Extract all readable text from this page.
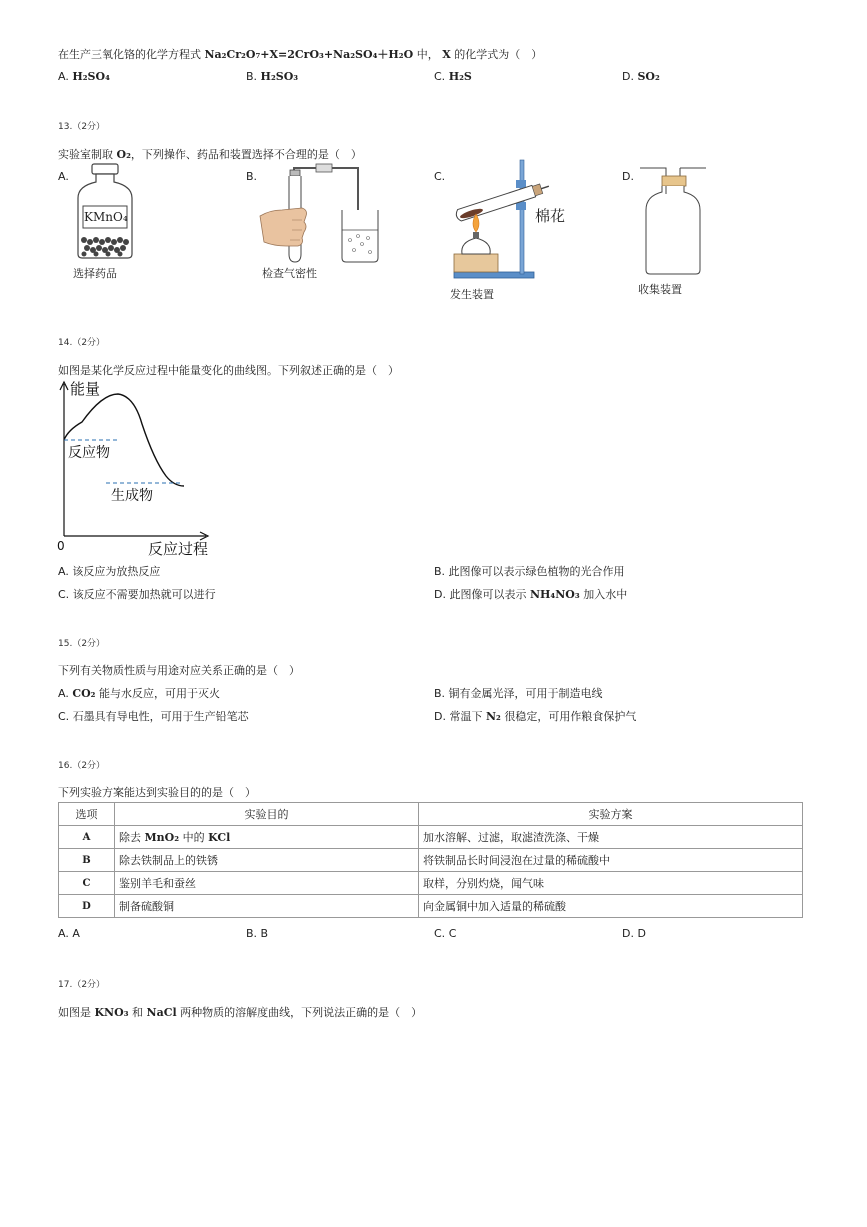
在生产三氧化铬的化学方程式 Na₂Cr₂O₇+X=2CrO₃+Na₂SO₄＋H₂O 中， X 的化学式为（　）
A. H₂SO₄	B. H₂SO₃	C. H₂S	D. SO₂
13.（2分）
实验室制取 O₂，下列操作、药品和装置选择不合理的是（　）
A.	B.	C.	D.
KMnO₄
选择药品	检查气密性
棉花
发生装置	收集装置
14.（2分）
如图是某化学反应过程中能量变化的曲线图。下列叙述正确的是（　）
能量
反应物
生成物
0	反应过程
A. 该反应为放热反应	B. 此图像可以表示绿色植物的光合作用
C. 该反应不需要加热就可以进行	D. 此图像可以表示 NH₄NO₃ 加入水中
15.（2分）
下列有关物质性质与用途对应关系正确的是（　）
A. CO₂ 能与水反应，可用于灭火	B. 铜有金属光泽，可用于制造电线
C. 石墨具有导电性，可用于生产铅笔芯	D. 常温下 N₂ 很稳定，可用作粮食保护气
16.（2分）
下列实验方案能达到实验目的的是（　）
选项	实验目的	实验方案
A	除去 MnO₂ 中的 KCl	加水溶解、过滤，取滤渣洗涤、干燥
B	除去铁制品上的铁锈	将铁制品长时间浸泡在过量的稀硫酸中
C	鉴别羊毛和蚕丝	取样，分别灼烧，闻气味
D	制备硫酸铜	向金属铜中加入适量的稀硫酸
A. A	B. B	C. C	D. D
17.（2分）
如图是 KNO₃ 和 NaCl 两种物质的溶解度曲线，下列说法正确的是（　）
